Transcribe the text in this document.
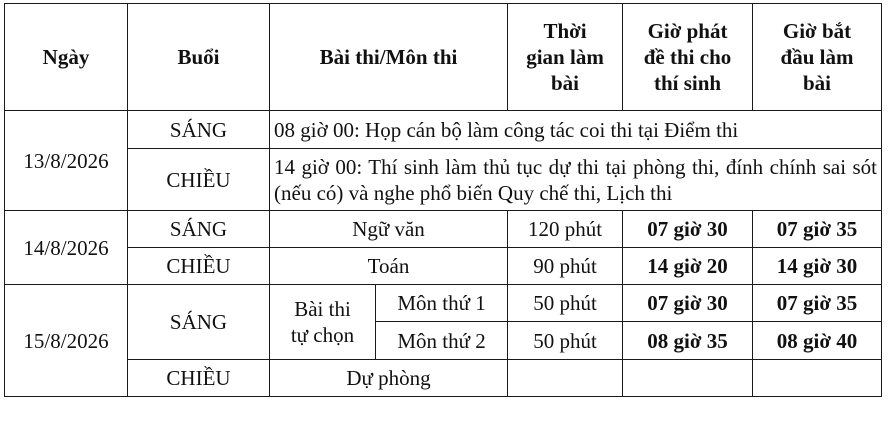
Ngày	Buổi	Bài thi/Môn thi		Thời
gian làm
bài	Giờ phát
đề thi cho
thí sinh	Giờ bắt
đầu làm
bài
13/8/2026	SÁNG	08 giờ 00: Họp cán bộ làm công tác coi thi tại Điểm thi				
	CHIỀU	14 giờ 00: Thí sinh làm thủ tục dự thi tại phòng thi, đính chính sai sót (nếu có) và nghe phổ biến Quy chế thi, Lịch thi				
14/8/2026	SÁNG	Ngữ văn		120 phút	07 giờ 30	07 giờ 35
	CHIỀU	Toán		90 phút	14 giờ 20	14 giờ 30
15/8/2026	SÁNG	Bài thi
tự chọn	Môn thứ 1	50 phút	07 giờ 30	07 giờ 35
			Môn thứ 2	50 phút	08 giờ 35	08 giờ 40
	CHIỀU	Dự phòng				
